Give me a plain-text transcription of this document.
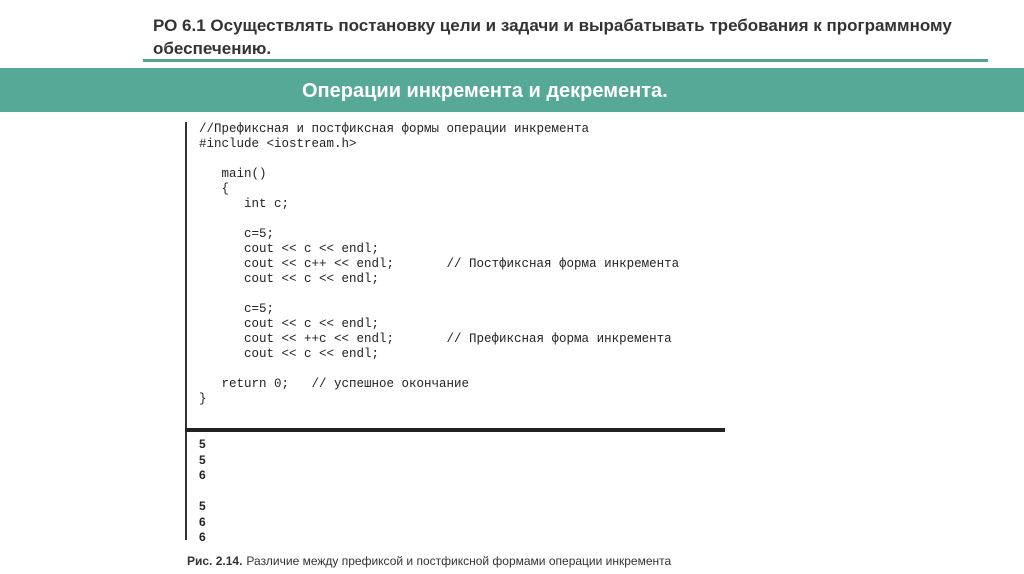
РО 6.1 Осуществлять постановку цели и задачи и вырабатывать требования к программному обеспечению.
Операции инкремента и декремента.
//Префиксная и постфиксная формы операции инкремента
#include <iostream.h>

main()
{
int c;

c=5;
cout << c << endl;
cout << c++ << endl;       // Постфиксная форма инкремента
cout << c << endl;

c=5;
cout << c << endl;
cout << ++c << endl;       // Префиксная форма инкремента
cout << c << endl;

return 0;   // успешное окончание
}
5
5
6

5
6
6
Рис. 2.14. Различие между префиксой и постфиксной формами операции инкремента
